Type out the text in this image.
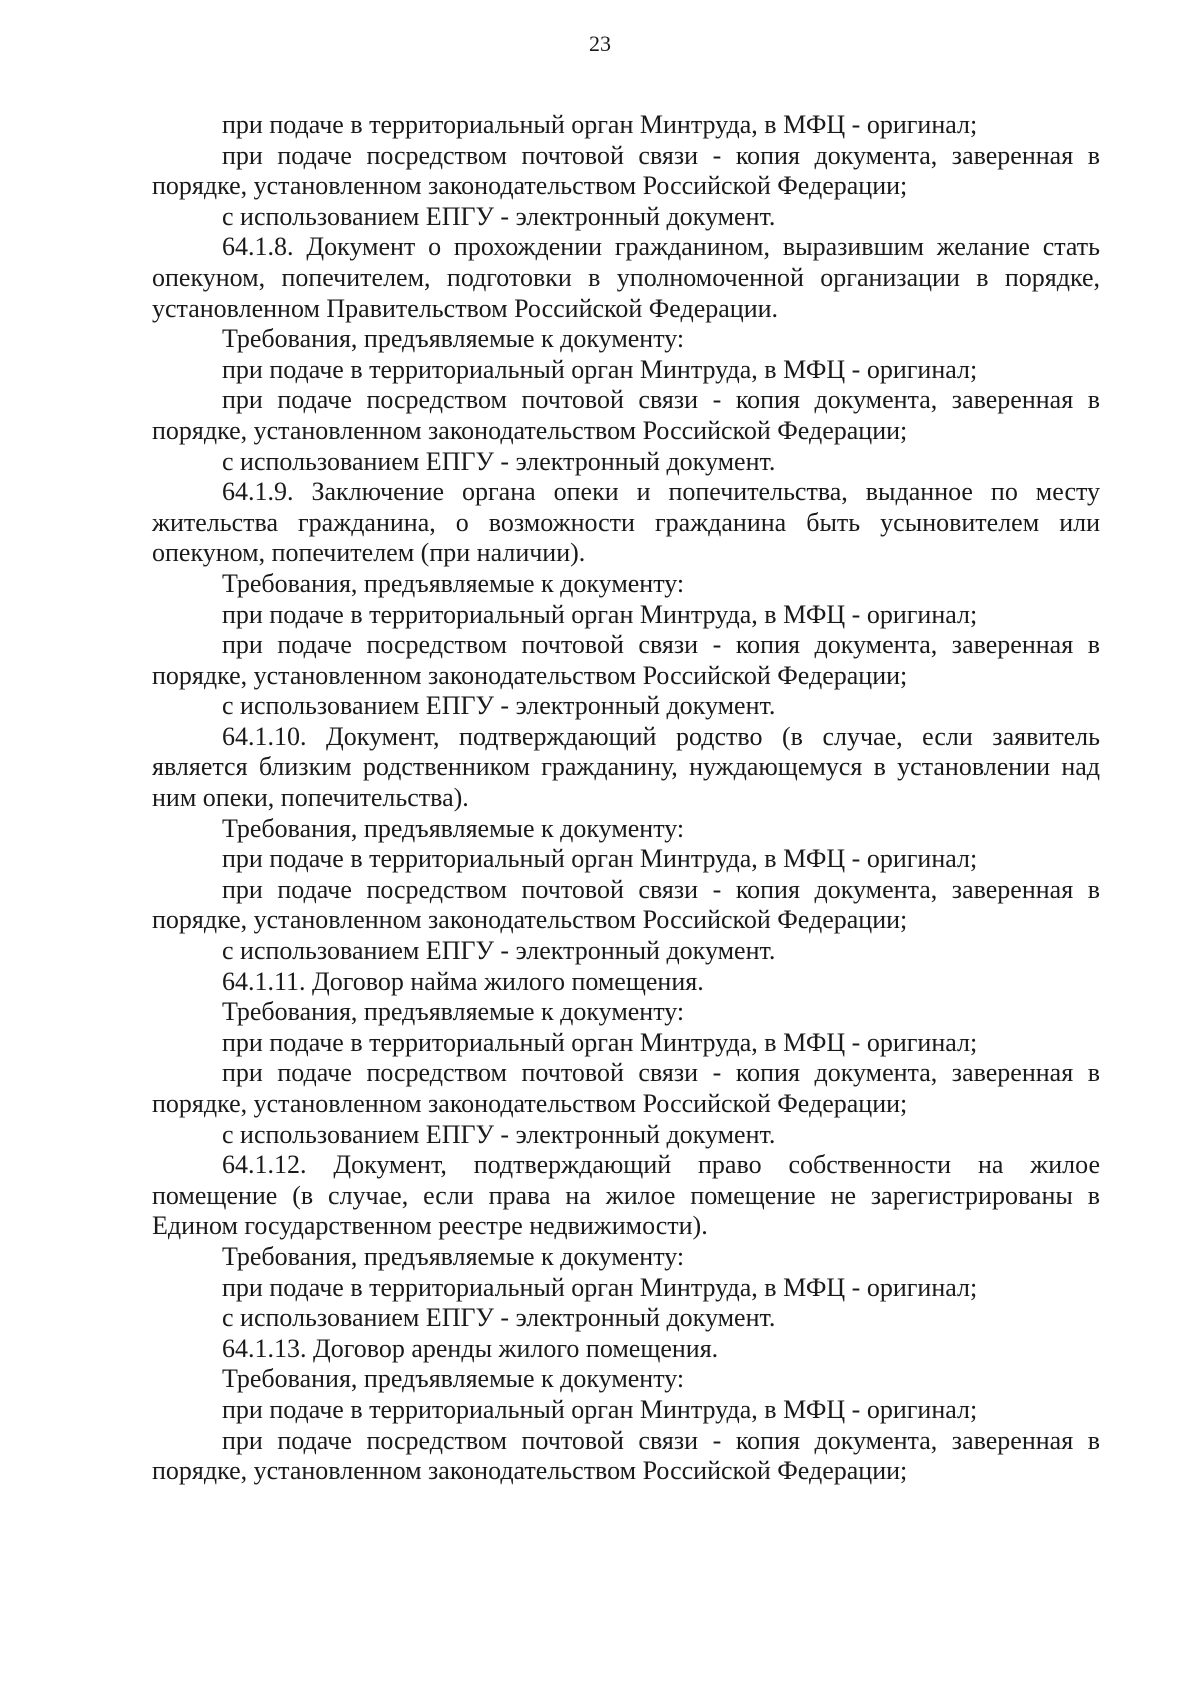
23

при подаче в территориальный орган Минтруда, в МФЦ - оригинал;

при подаче посредством почтовой связи - копия документа, заверенная в порядке, установленном законодательством Российской Федерации;

с использованием ЕПГУ - электронный документ.

64.1.8. Документ о прохождении гражданином, выразившим желание стать опекуном, попечителем, подготовки в уполномоченной организации в порядке, установленном Правительством Российской Федерации.

Требования, предъявляемые к документу:

при подаче в территориальный орган Минтруда, в МФЦ - оригинал;

при подаче посредством почтовой связи - копия документа, заверенная в порядке, установленном законодательством Российской Федерации;

с использованием ЕПГУ - электронный документ.

64.1.9. Заключение органа опеки и попечительства, выданное по месту жительства гражданина, о возможности гражданина быть усыновителем или опекуном, попечителем (при наличии).

Требования, предъявляемые к документу:

при подаче в территориальный орган Минтруда, в МФЦ - оригинал;

при подаче посредством почтовой связи - копия документа, заверенная в порядке, установленном законодательством Российской Федерации;

с использованием ЕПГУ - электронный документ.

64.1.10. Документ, подтверждающий родство (в случае, если заявитель является близким родственником гражданину, нуждающемуся в установлении над ним опеки, попечительства).

Требования, предъявляемые к документу:

при подаче в территориальный орган Минтруда, в МФЦ - оригинал;

при подаче посредством почтовой связи - копия документа, заверенная в порядке, установленном законодательством Российской Федерации;

с использованием ЕПГУ - электронный документ.

64.1.11. Договор найма жилого помещения.

Требования, предъявляемые к документу:

при подаче в территориальный орган Минтруда, в МФЦ - оригинал;

при подаче посредством почтовой связи - копия документа, заверенная в порядке, установленном законодательством Российской Федерации;

с использованием ЕПГУ - электронный документ.

64.1.12. Документ, подтверждающий право собственности на жилое помещение (в случае, если права на жилое помещение не зарегистрированы в Едином государственном реестре недвижимости).

Требования, предъявляемые к документу:

при подаче в территориальный орган Минтруда, в МФЦ - оригинал;

с использованием ЕПГУ - электронный документ.

64.1.13. Договор аренды жилого помещения.

Требования, предъявляемые к документу:

при подаче в территориальный орган Минтруда, в МФЦ - оригинал;

при подаче посредством почтовой связи - копия документа, заверенная в порядке, установленном законодательством Российской Федерации;
